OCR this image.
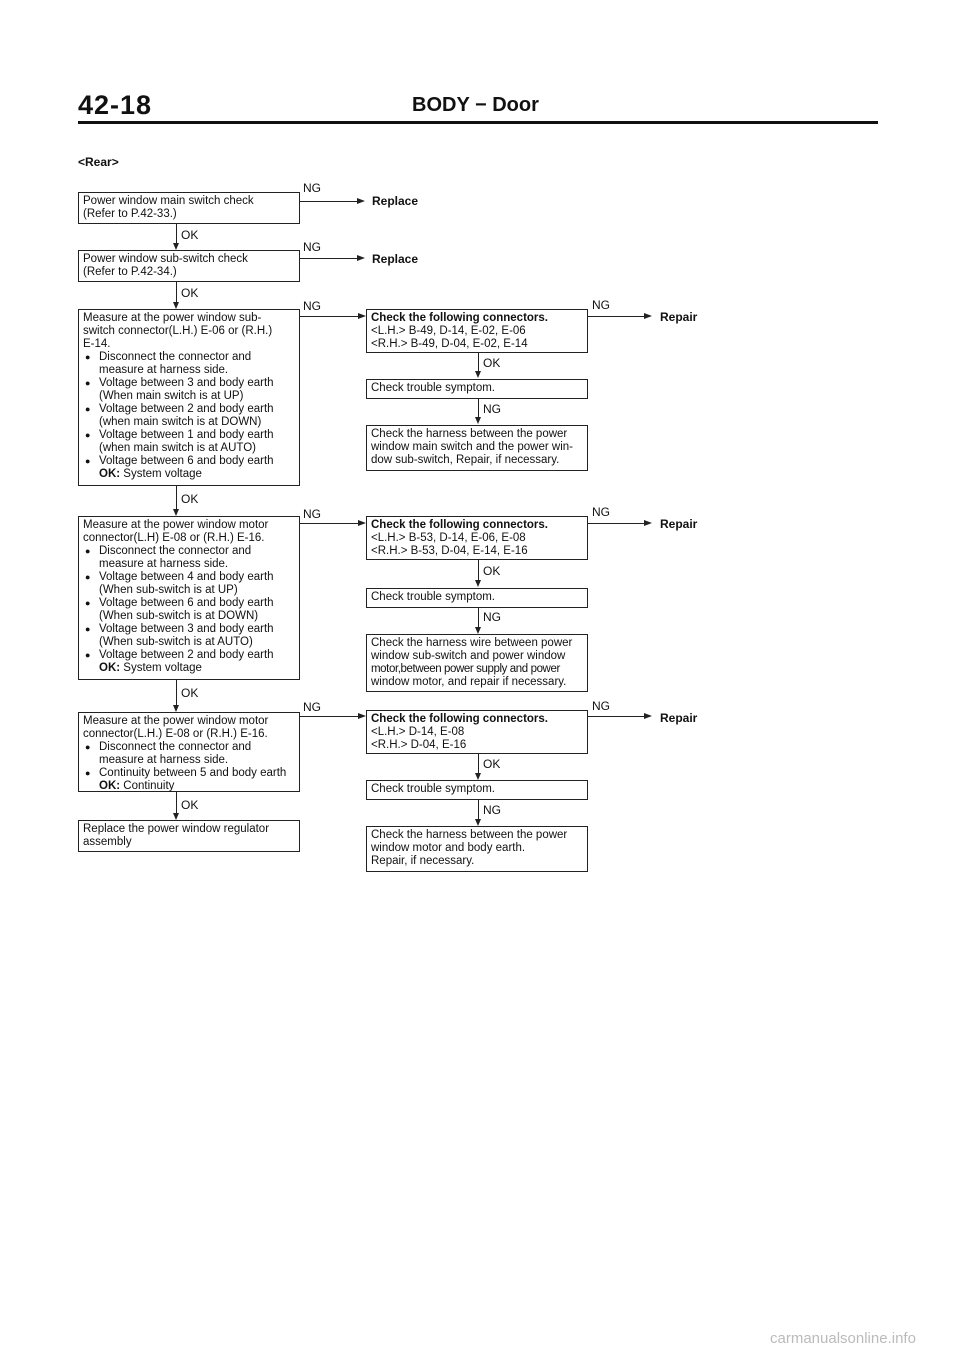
42-18	BODY − Door
<Rear>
Power window main switch check
(Refer to P.42-33.)
Power window sub-switch check
(Refer to P.42-34.)
Measure at the power window sub-
switch connector(L.H.) E-06 or (R.H.)
E-14.
● Disconnect the connector and
measure at harness side.
● Voltage between 3 and body earth
(When main switch is at UP)
● Voltage between 2 and body earth
(when main switch is at DOWN)
● Voltage between 1 and body earth
(when main switch is at AUTO)
● Voltage between 6 and body earth
OK: System voltage
Measure at the power window motor
connector(L.H) E-08 or (R.H.) E-16.
● Disconnect the connector and
measure at harness side.
● Voltage between 4 and body earth
(When sub-switch is at UP)
● Voltage between 6 and body earth
(When sub-switch is at DOWN)
● Voltage between 3 and body earth
(When sub-switch is at AUTO)
● Voltage between 2 and body earth
OK: System voltage
Measure at the power window motor
connector(L.H.) E-08 or (R.H.) E-16.
● Disconnect the connector and
measure at harness side.
● Continuity between 5 and body earth
OK: Continuity
Replace the power window regulator
assembly
OK
OK
OK
OK
OK
NG
Replace
NG
Replace
NG
NG
NG
Check the following connectors.
<L.H.> B-49, D-14, E-02, E-06
<R.H.> B-49, D-04, E-02, E-14
OK
Check trouble symptom.
NG
Check the harness between the power
window main switch and the power win-
dow sub-switch, Repair, if necessary.
NG
Repair
Check the following connectors.
<L.H.> B-53, D-14, E-06, E-08
<R.H.> B-53, D-04, E-14, E-16
OK
Check trouble symptom.
NG
Check the harness wire between power
window sub-switch and power window
motor,between power supply and power
window motor, and repair if necessary.
NG
Repair
Check the following connectors.
<L.H.> D-14, E-08
<R.H.> D-04, E-16
OK
Check trouble symptom.
NG
Check the harness between the power
window motor and body earth.
Repair, if necessary.
NG
Repair
carmanualsonline.info
